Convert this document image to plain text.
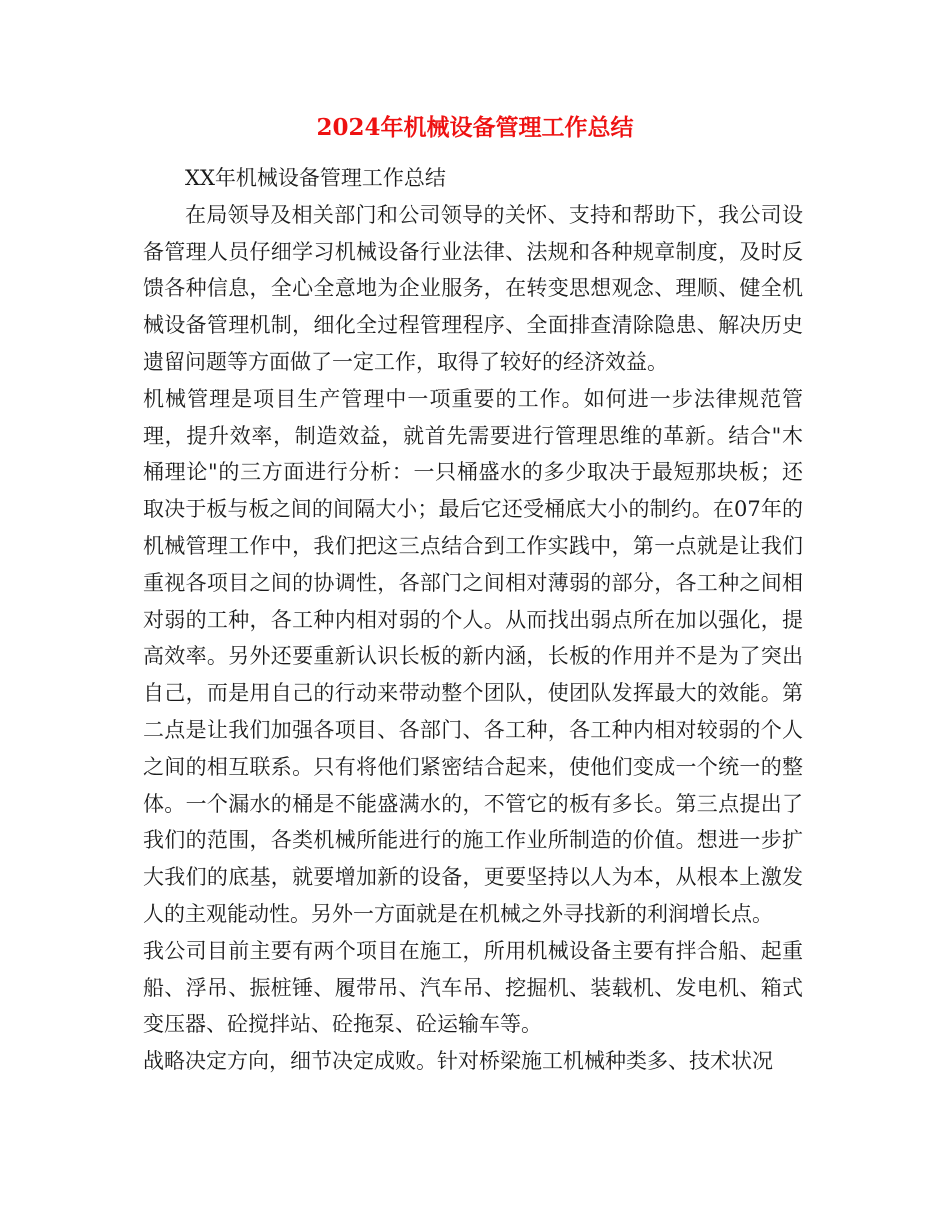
2024年机械设备管理工作总结

XX年机械设备管理工作总结

在局领导及相关部门和公司领导的关怀、支持和帮助下，我公司设备管理人员仔细学习机械设备行业法律、法规和各种规章制度，及时反馈各种信息，全心全意地为企业服务，在转变思想观念、理顺、健全机械设备管理机制，细化全过程管理程序、全面排查清除隐患、解决历史遗留问题等方面做了一定工作，取得了较好的经济效益。

机械管理是项目生产管理中一项重要的工作。如何进一步法律规范管理，提升效率，制造效益，就首先需要进行管理思维的革新。结合"木桶理论"的三方面进行分析：一只桶盛水的多少取决于最短那块板；还取决于板与板之间的间隔大小；最后它还受桶底大小的制约。在07年的机械管理工作中，我们把这三点结合到工作实践中，第一点就是让我们重视各项目之间的协调性，各部门之间相对薄弱的部分，各工种之间相对弱的工种，各工种内相对弱的个人。从而找出弱点所在加以强化，提高效率。另外还要重新认识长板的新内涵，长板的作用并不是为了突出自己，而是用自己的行动来带动整个团队，使团队发挥最大的效能。第二点是让我们加强各项目、各部门、各工种，各工种内相对较弱的个人之间的相互联系。只有将他们紧密结合起来，使他们变成一个统一的整体。一个漏水的桶是不能盛满水的，不管它的板有多长。第三点提出了我们的范围，各类机械所能进行的施工作业所制造的价值。想进一步扩大我们的底基，就要增加新的设备，更要坚持以人为本，从根本上激发人的主观能动性。另外一方面就是在机械之外寻找新的利润增长点。

我公司目前主要有两个项目在施工，所用机械设备主要有拌合船、起重船、浮吊、振桩锤、履带吊、汽车吊、挖掘机、装载机、发电机、箱式变压器、砼搅拌站、砼拖泵、砼运输车等。

战略决定方向，细节决定成败。针对桥梁施工机械种类多、技术状况
